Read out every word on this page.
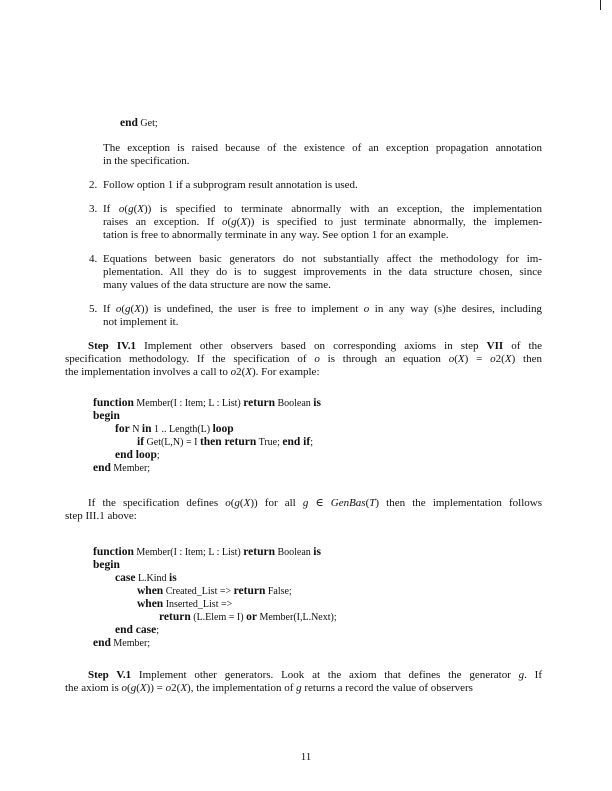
end Get;
The exception is raised because of the existence of an exception propagation annotation
in the specification.
2. Follow option 1 if a subprogram result annotation is used.
3. If o(g(X)) is specified to terminate abnormally with an exception, the implementation
raises an exception. If o(g(X)) is specified to just terminate abnormally, the implemen-
tation is free to abnormally terminate in any way. See option 1 for an example.
4. Equations between basic generators do not substantially affect the methodology for im-
plementation. All they do is to suggest improvements in the data structure chosen, since
many values of the data structure are now the same.
5. If o(g(X)) is undefined, the user is free to implement o in any way (s)he desires, including
not implement it.
Step IV.1 Implement other observers based on corresponding axioms in step VII of the
specification methodology. If the specification of o is through an equation o(X) = o2(X) then
the implementation involves a call to o2(X). For example:
function Member(I : Item; L : List) return Boolean is
begin
for N in 1 .. Length(L) loop
if Get(L,N) = I then return True; end if;
end loop;
end Member;
If the specification defines o(g(X)) for all g ∈ GenBas(T) then the implementation follows
step III.1 above:
function Member(I : Item; L : List) return Boolean is
begin
case L.Kind is
when Created_List => return False;
when Inserted_List =>
return (L.Elem = I) or Member(I,L.Next);
end case;
end Member;
Step V.1 Implement other generators. Look at the axiom that defines the generator g. If
the axiom is o(g(X)) = o2(X), the implementation of g returns a record the value of observers
11
